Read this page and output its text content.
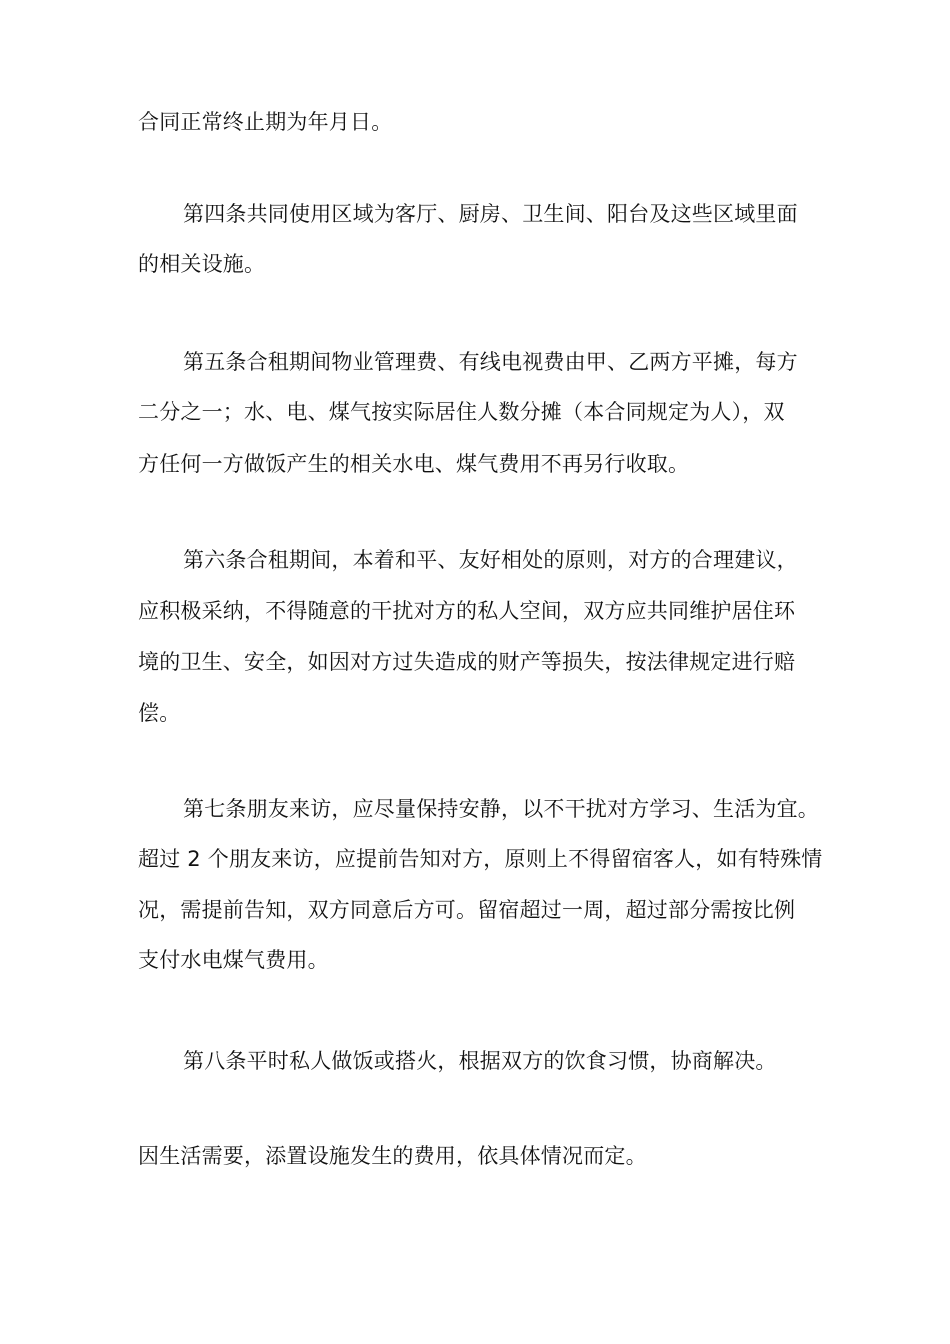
合同正常终止期为年月日。
第四条共同使用区域为客厅、厨房、卫生间、阳台及这些区域里面
的相关设施。
第五条合租期间物业管理费、有线电视费由甲、乙两方平摊，每方
二分之一；水、电、煤气按实际居住人数分摊（本合同规定为人），双
方任何一方做饭产生的相关水电、煤气费用不再另行收取。
第六条合租期间，本着和平、友好相处的原则，对方的合理建议，
应积极采纳，不得随意的干扰对方的私人空间，双方应共同维护居住环
境的卫生、安全，如因对方过失造成的财产等损失，按法律规定进行赔
偿。
第七条朋友来访，应尽量保持安静，以不干扰对方学习、生活为宜。
超过 2 个朋友来访，应提前告知对方，原则上不得留宿客人，如有特殊情
况，需提前告知，双方同意后方可。留宿超过一周，超过部分需按比例
支付水电煤气费用。
第八条平时私人做饭或搭火，根据双方的饮食习惯，协商解决。
因生活需要，添置设施发生的费用，依具体情况而定。
